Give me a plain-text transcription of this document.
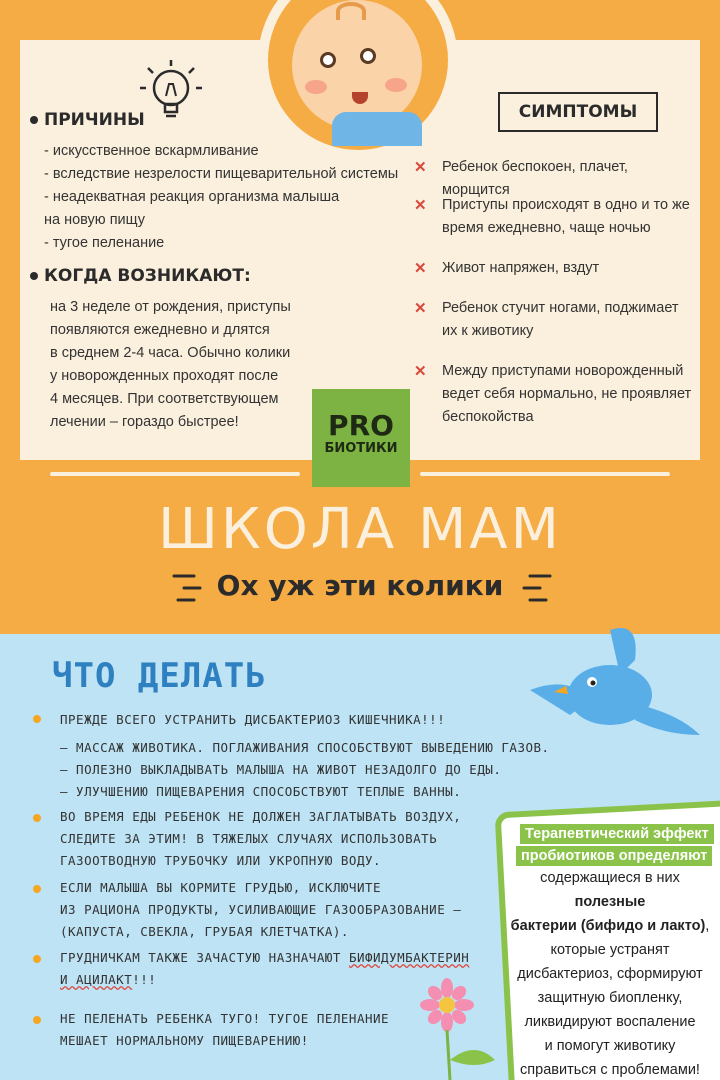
ПРИЧИНЫ
- искусственное вскармливание
- вследствие незрелости пищеварительной системы
- неадекватная реакция организма малыша
на новую пищу
- тугое пеленание
КОГДА ВОЗНИКАЮТ:
на 3 неделе от рождения, приступы
появляются ежедневно и длятся
в среднем 2-4 часа. Обычно колики
у новорожденных проходят после
4 месяцев. При соответствующем
лечении – гораздо быстрее!
СИМПТОМЫ
✕ Ребенок беспокоен, плачет, морщится
✕ Приступы происходят в одно и то же
время ежедневно, чаще ночью
✕ Живот напряжен, вздут
✕ Ребенок стучит ногами, поджимает
их к животику
✕ Между приступами новорожденный
ведет себя нормально, не проявляет
беспокойства
PRO
БИОТИКИ
ШКОЛА МАМ
Ох уж эти колики
ЧТО ДЕЛАТЬ
ПРЕЖДЕ ВСЕГО УСТРАНИТЬ ДИСБАКТЕРИОЗ КИШЕЧНИКА!!!
– МАССАЖ ЖИВОТИКА. ПОГЛАЖИВАНИЯ СПОСОБСТВУЮТ ВЫВЕДЕНИЮ ГАЗОВ.
– ПОЛЕЗНО ВЫКЛАДЫВАТЬ МАЛЫША НА ЖИВОТ НЕЗАДОЛГО ДО ЕДЫ.
– УЛУЧШЕНИЮ ПИЩЕВАРЕНИЯ СПОСОБСТВУЮТ ТЕПЛЫЕ ВАННЫ.
ВО ВРЕМЯ ЕДЫ РЕБЕНОК НЕ ДОЛЖЕН ЗАГЛАТЫВАТЬ ВОЗДУХ,
СЛЕДИТЕ ЗА ЭТИМ! В ТЯЖЕЛЫХ СЛУЧАЯХ ИСПОЛЬЗОВАТЬ
ГАЗООТВОДНУЮ ТРУБОЧКУ ИЛИ УКРОПНУЮ ВОДУ.
ЕСЛИ МАЛЫША ВЫ КОРМИТЕ ГРУДЬЮ, ИСКЛЮЧИТЕ
ИЗ РАЦИОНА ПРОДУКТЫ, УСИЛИВАЮЩИЕ ГАЗООБРАЗОВАНИЕ –
(КАПУСТА, СВЕКЛА, ГРУБАЯ КЛЕТЧАТКА).
ГРУДНИЧКАМ ТАКЖЕ ЗАЧАСТУЮ НАЗНАЧАЮТ БИФИДУМБАКТЕРИН
И АЦИЛАКТ!!!
НЕ ПЕЛЕНАТЬ РЕБЕНКА ТУГО! ТУГОЕ ПЕЛЕНАНИЕ
МЕШАЕТ НОРМАЛЬНОМУ ПИЩЕВАРЕНИЮ!
Терапевтический эффект
пробиотиков определяют
содержащиеся в них полезные
бактерии (бифидо и лакто),
которые устранят
дисбактериоз, сформируют
защитную биопленку,
ликвидируют воспаление
и помогут животику
справиться с проблемами!
